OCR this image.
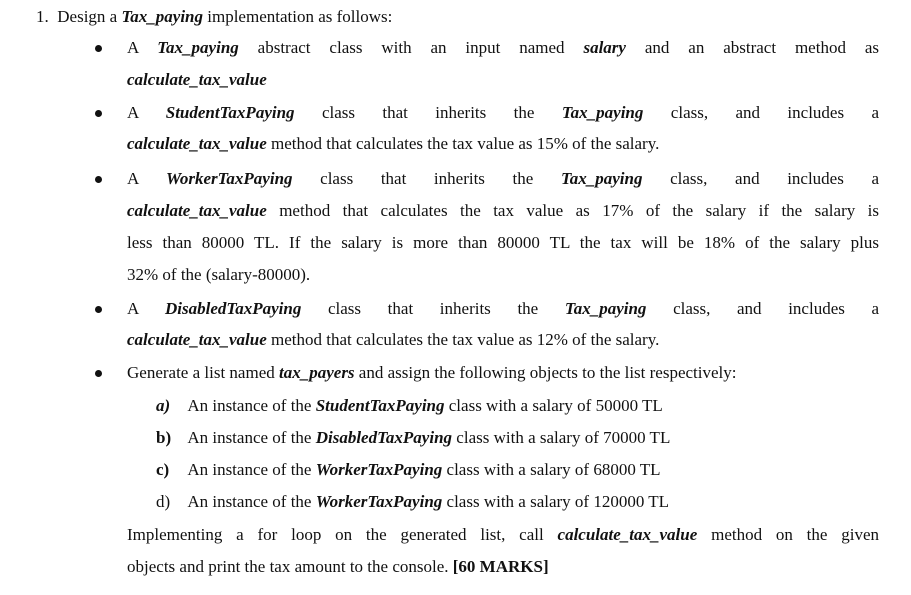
1. Design a Tax_paying implementation as follows:
A Tax_paying abstract class with an input named salary and an abstract method as
calculate_tax_value
A StudentTaxPaying class that inherits the Tax_paying class, and includes a
calculate_tax_value method that calculates the tax value as 15% of the salary.
A WorkerTaxPaying class that inherits the Tax_paying class, and includes a
calculate_tax_value method that calculates the tax value as 17% of the salary if the salary is
less than 80000 TL. If the salary is more than 80000 TL the tax will be 18% of the salary plus
32% of the (salary-80000).
A DisabledTaxPaying class that inherits the Tax_paying class, and includes a
calculate_tax_value method that calculates the tax value as 12% of the salary.
Generate a list named tax_payers and assign the following objects to the list respectively:
a) An instance of the StudentTaxPaying class with a salary of 50000 TL
b) An instance of the DisabledTaxPaying class with a salary of 70000 TL
c) An instance of the WorkerTaxPaying class with a salary of 68000 TL
d) An instance of the WorkerTaxPaying class with a salary of 120000 TL
Implementing a for loop on the generated list, call calculate_tax_value method on the given
objects and print the tax amount to the console. [60 MARKS]
